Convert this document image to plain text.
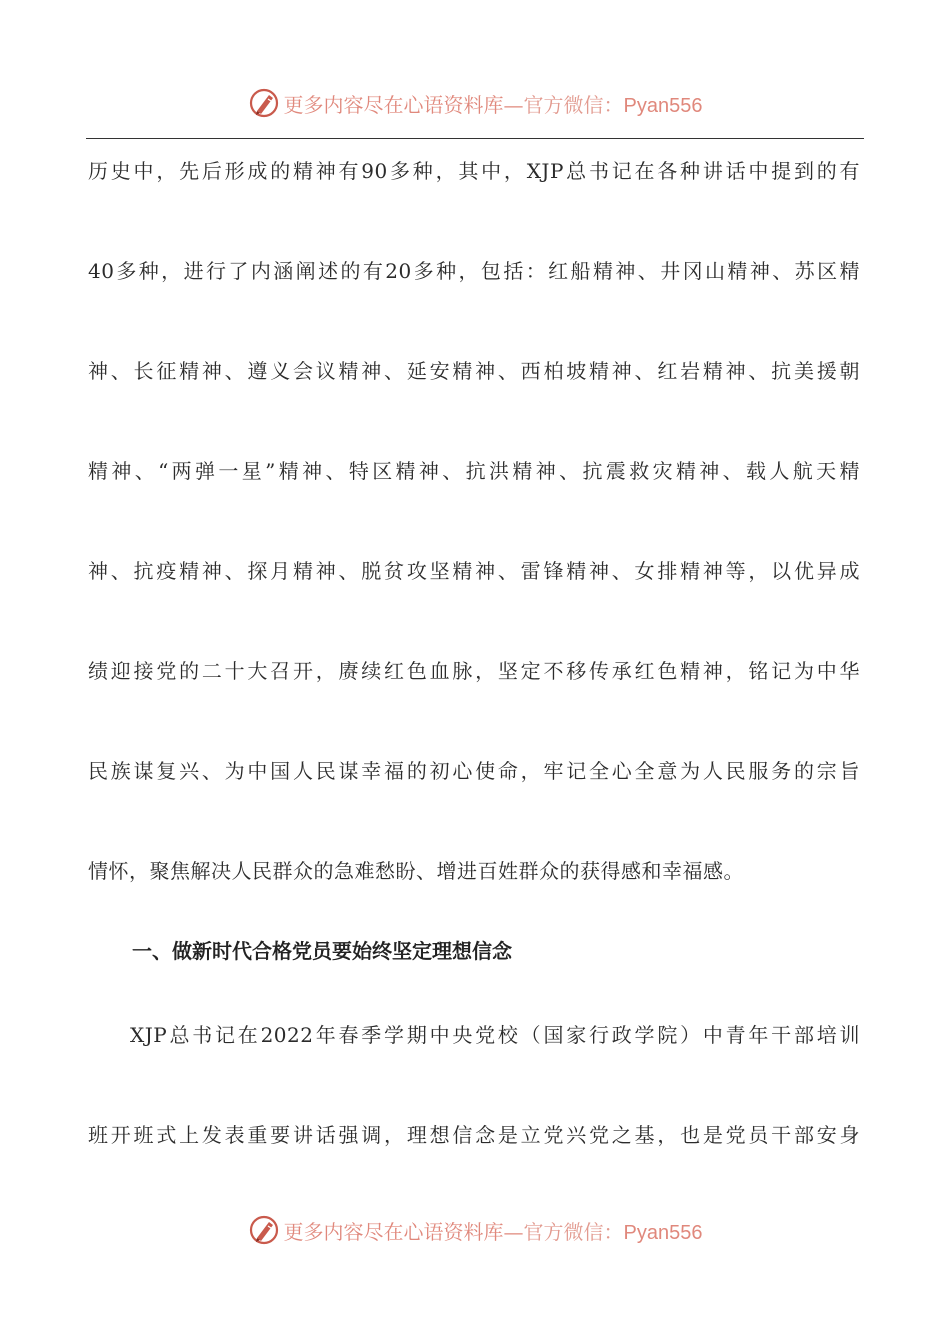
更多内容尽在心语资料库—官方微信：Pyan556
历史中，先后形成的精神有90多种，其中，XJP总书记在各种讲话中提到的有
40多种，进行了内涵阐述的有20多种，包括：红船精神、井冈山精神、苏区精
神、长征精神、遵义会议精神、延安精神、西柏坡精神、红岩精神、抗美援朝
精神、“两弹一星”精神、特区精神、抗洪精神、抗震救灾精神、载人航天精
神、抗疫精神、探月精神、脱贫攻坚精神、雷锋精神、女排精神等，以优异成
绩迎接党的二十大召开，赓续红色血脉，坚定不移传承红色精神，铭记为中华
民族谋复兴、为中国人民谋幸福的初心使命，牢记全心全意为人民服务的宗旨
情怀，聚焦解决人民群众的急难愁盼、增进百姓群众的获得感和幸福感。
一、做新时代合格党员要始终坚定理想信念
XJP总书记在2022年春季学期中央党校（国家行政学院）中青年干部培训
班开班式上发表重要讲话强调，理想信念是立党兴党之基，也是党员干部安身
更多内容尽在心语资料库—官方微信：Pyan556
